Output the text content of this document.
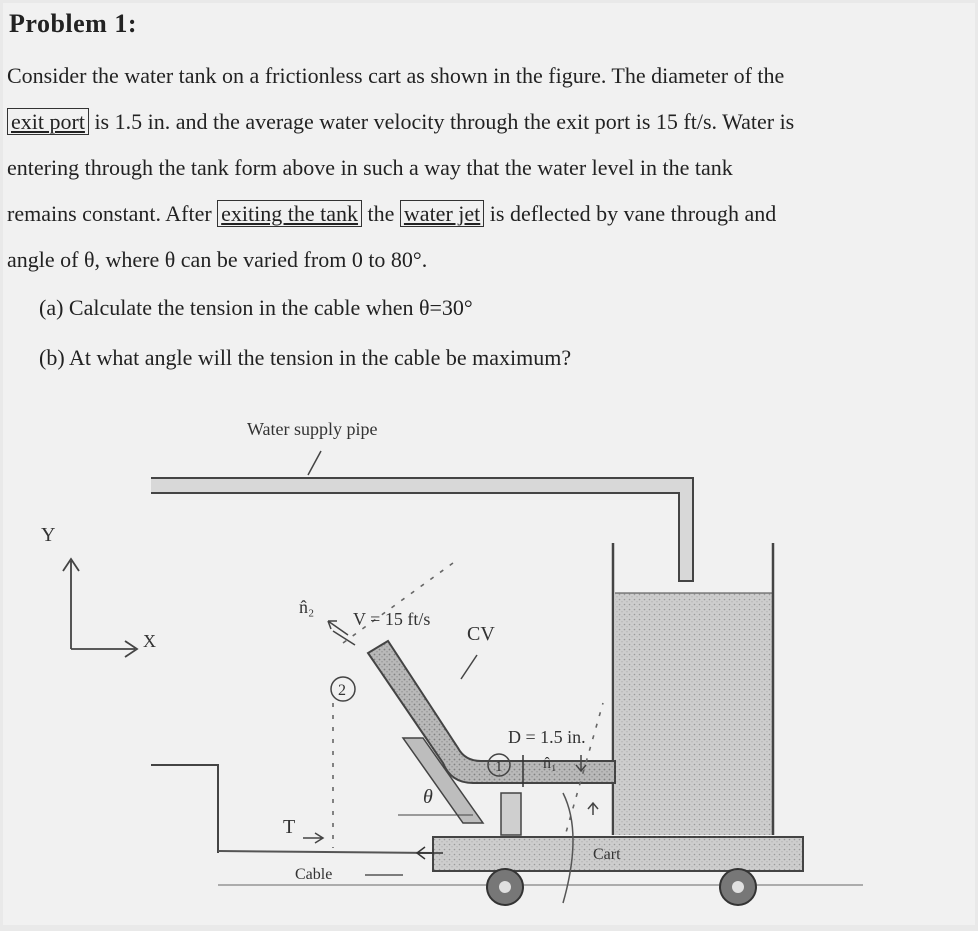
Problem 1:
Consider the water tank on a frictionless cart as shown in the figure. The diameter of the
exit port is 1.5 in. and the average water velocity through the exit port is 15 ft/s. Water is
entering through the tank form above in such a way that the water level in the tank
remains constant. After exiting the tank the water jet is deflected by vane through and
angle of θ, where θ can be varied from 0 to 80°.
(a) Calculate the tension in the cable when θ=30°
(b) At what angle will the tension in the cable be maximum?
Water supply pipe
n̂₂
V = 15 ft/s
CV
2
D = 1.5 in.
1	n̂₁
θ
Cart
T
Cable
Y
X
